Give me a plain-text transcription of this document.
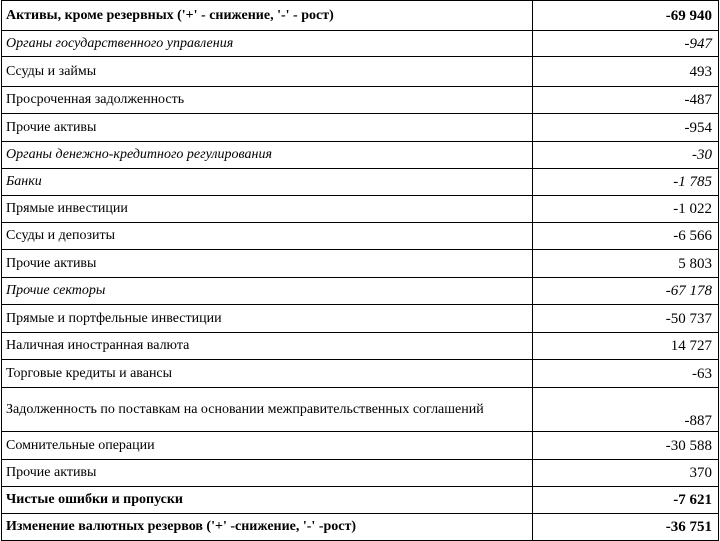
Активы, кроме резервных ('+' - снижение, '-' - рост)	-69 940
Органы государственного управления	-947
Ссуды и займы	493
Просроченная задолженность	-487
Прочие активы	-954
Органы денежно-кредитного регулирования	-30
Банки	-1 785
Прямые инвестиции	-1 022
Ссуды и депозиты	-6 566
Прочие активы	5 803
Прочие секторы	-67 178
Прямые и портфельные инвестиции	-50 737
Наличная иностранная валюта	14 727
Торговые кредиты и авансы	-63
Задолженность по поставкам на основании межправительственных соглашений	-887
Сомнительные операции	-30 588
Прочие активы	370
Чистые ошибки и пропуски	-7 621
Изменение валютных резервов ('+' -снижение, '-' -рост)	-36 751
